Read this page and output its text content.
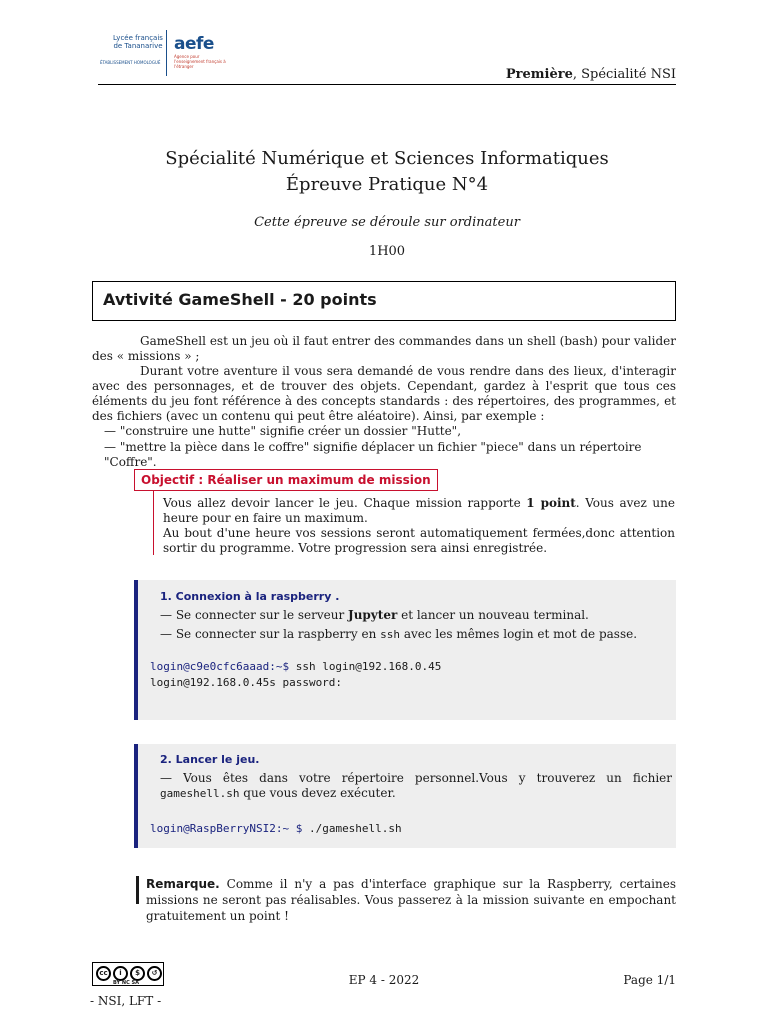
Lycée français de Tananarive
ÉTABLISSEMENT HOMOLOGUÉ
aefe
Agence pour l'enseignement français à l'étranger
Première, Spécialité NSI
Spécialité Numérique et Sciences Informatiques
Épreuve Pratique N°4
Cette épreuve se déroule sur ordinateur
1H00
Avtivité GameShell - 20 points
GameShell est un jeu où il faut entrer des commandes dans un shell (bash) pour valider des « missions » ;
Durant votre aventure il vous sera demandé de vous rendre dans des lieux, d'interagir avec des personnages, et de trouver des objets. Cependant, gardez à l'esprit que tous ces éléments du jeu font référence à des concepts standards : des répertoires, des programmes, et des fichiers (avec un contenu qui peut être aléatoire). Ainsi, par exemple :
— "construire une hutte" signifie créer un dossier "Hutte",
— "mettre la pièce dans le coffre" signifie déplacer un fichier "piece" dans un répertoire "Coffre".
Objectif : Réaliser un maximum de mission
Vous allez devoir lancer le jeu. Chaque mission rapporte 1 point. Vous avez une heure pour en faire un maximum.
Au bout d'une heure vos sessions seront automatiquement fermées,donc attention sortir du programme. Votre progression sera ainsi enregistrée.
1. Connexion à la raspberry .
— Se connecter sur le serveur Jupyter et lancer un nouveau terminal.
— Se connecter sur la raspberry en ssh avec les mêmes login et mot de passe.
login@c9e0cfc6aaad:~$ ssh login@192.168.0.45
login@192.168.0.45s password:
2. Lancer le jeu.
— Vous êtes dans votre répertoire personnel.Vous y trouverez un fichier gameshell.sh que vous devez exécuter.
login@RaspBerryNSI2:~ $ ./gameshell.sh
Remarque. Comme il n'y a pas d'interface graphique sur la Raspberry, certaines missions ne seront pas réalisables. Vous passerez à la mission suivante en empochant gratuitement un point !
cc	i	$	↺
BY NC SA	EP 4 - 2022	Page 1/1
- NSI, LFT -
